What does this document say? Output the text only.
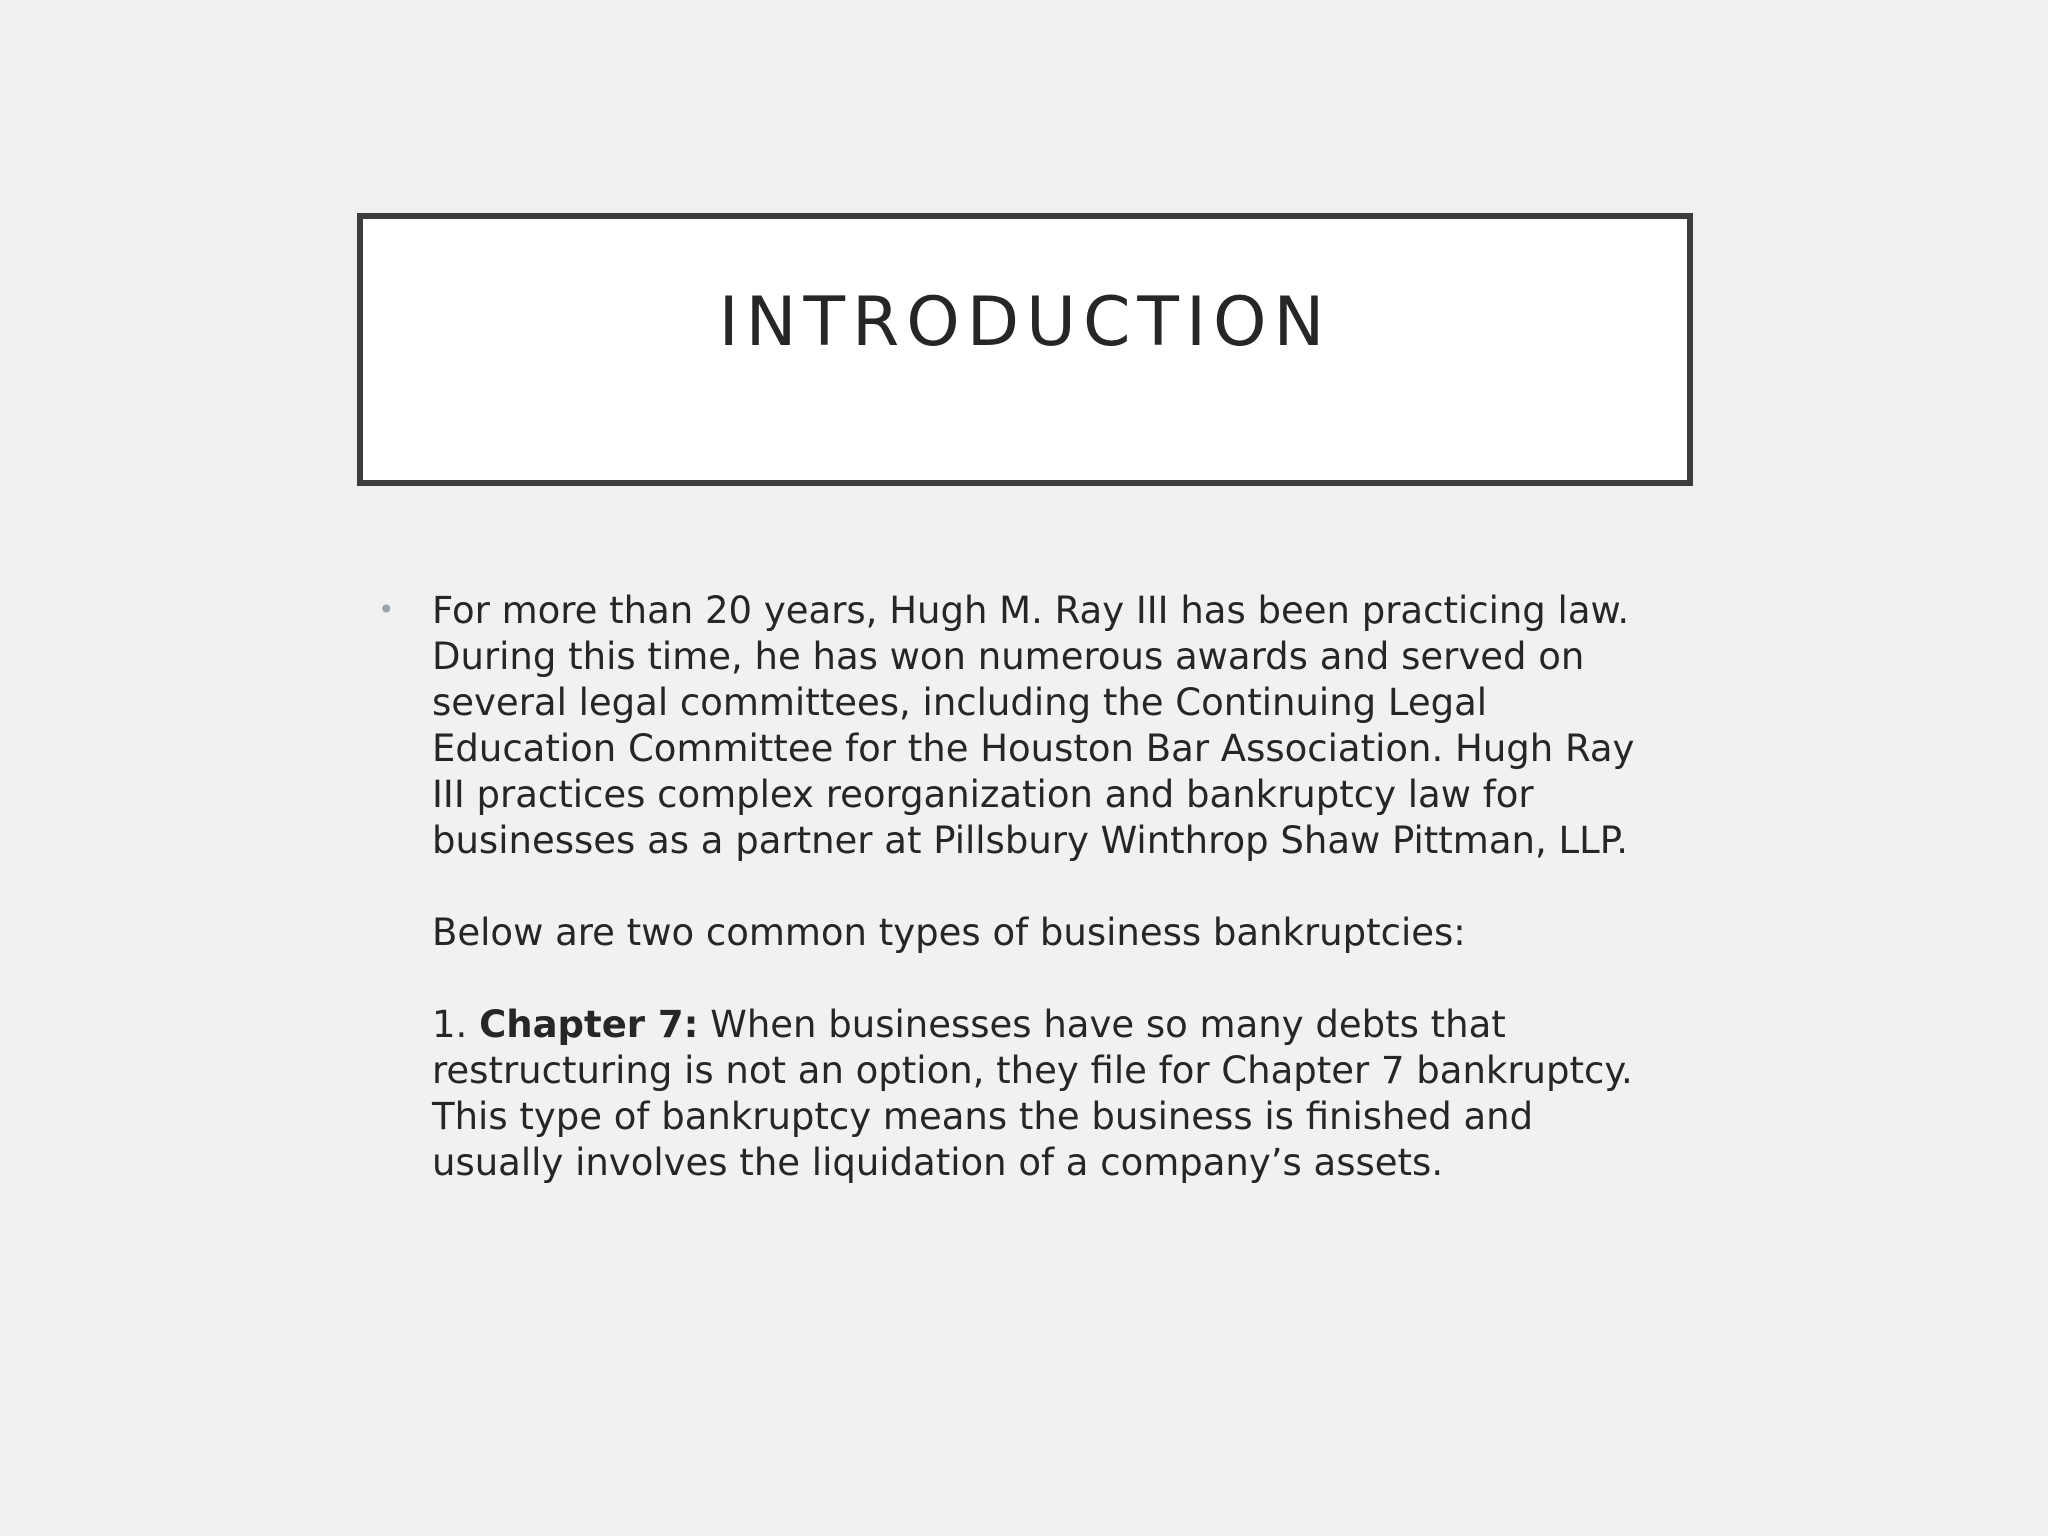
INTRODUCTION
• For more than 20 years, Hugh M. Ray III has been practicing law. During this time, he has won numerous awards and served on several legal committees, including the Continuing Legal Education Committee for the Houston Bar Association. Hugh Ray III practices complex reorganization and bankruptcy law for businesses as a partner at Pillsbury Winthrop Shaw Pittman, LLP.

Below are two common types of business bankruptcies:

1. Chapter 7: When businesses have so many debts that restructuring is not an option, they file for Chapter 7 bankruptcy. This type of bankruptcy means the business is finished and usually involves the liquidation of a company’s assets.
